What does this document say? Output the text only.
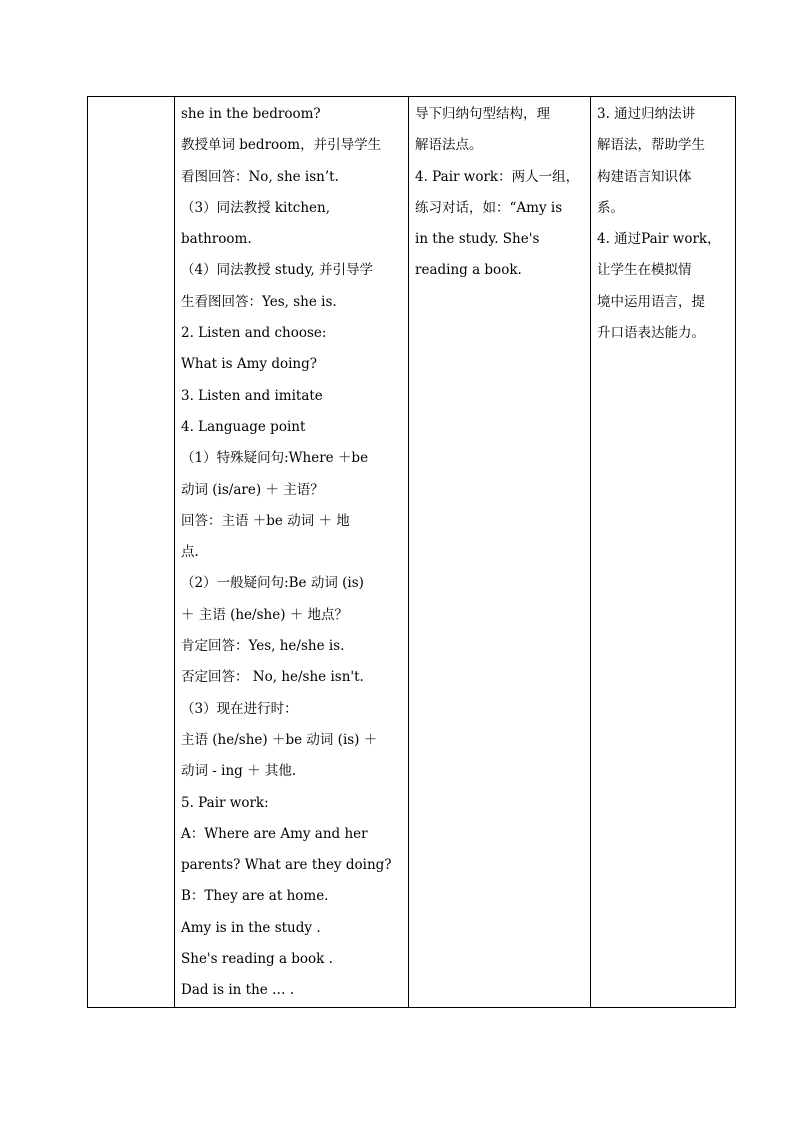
she in the bedroom?
教授单词 bedroom，并引导学生
看图回答：No, she isn’t.
（3）同法教授 kitchen,
bathroom.
（4）同法教授 study, 并引导学
生看图回答：Yes, she is.
2. Listen and choose:
What is Amy doing?
3. Listen and imitate
4. Language point
（1）特殊疑问句:Where ＋be
动词 (is/are) ＋ 主语？
回答：主语 ＋be 动词 ＋ 地
点.
（2）一般疑问句:Be 动词 (is)
＋ 主语 (he/she) ＋ 地点？
肯定回答：Yes, he/she is.
否定回答： No, he/she isn't.
（3）现在进行时：
主语 (he/she) ＋be 动词 (is) ＋
动词 - ing ＋ 其他.
5. Pair work:
A：Where are Amy and her
parents? What are they doing?
B：They are at home.
Amy is in the study .
She's reading a book .
Dad is in the … .

导下归纳句型结构，理
解语法点。
4. Pair work：两人一组，
练习对话，如：“Amy is
in the study. She's
reading a book.

3. 通过归纳法讲
解语法，帮助学生
构建语言知识体
系。
4. 通过Pair work，
让学生在模拟情
境中运用语言，提
升口语表达能力。
